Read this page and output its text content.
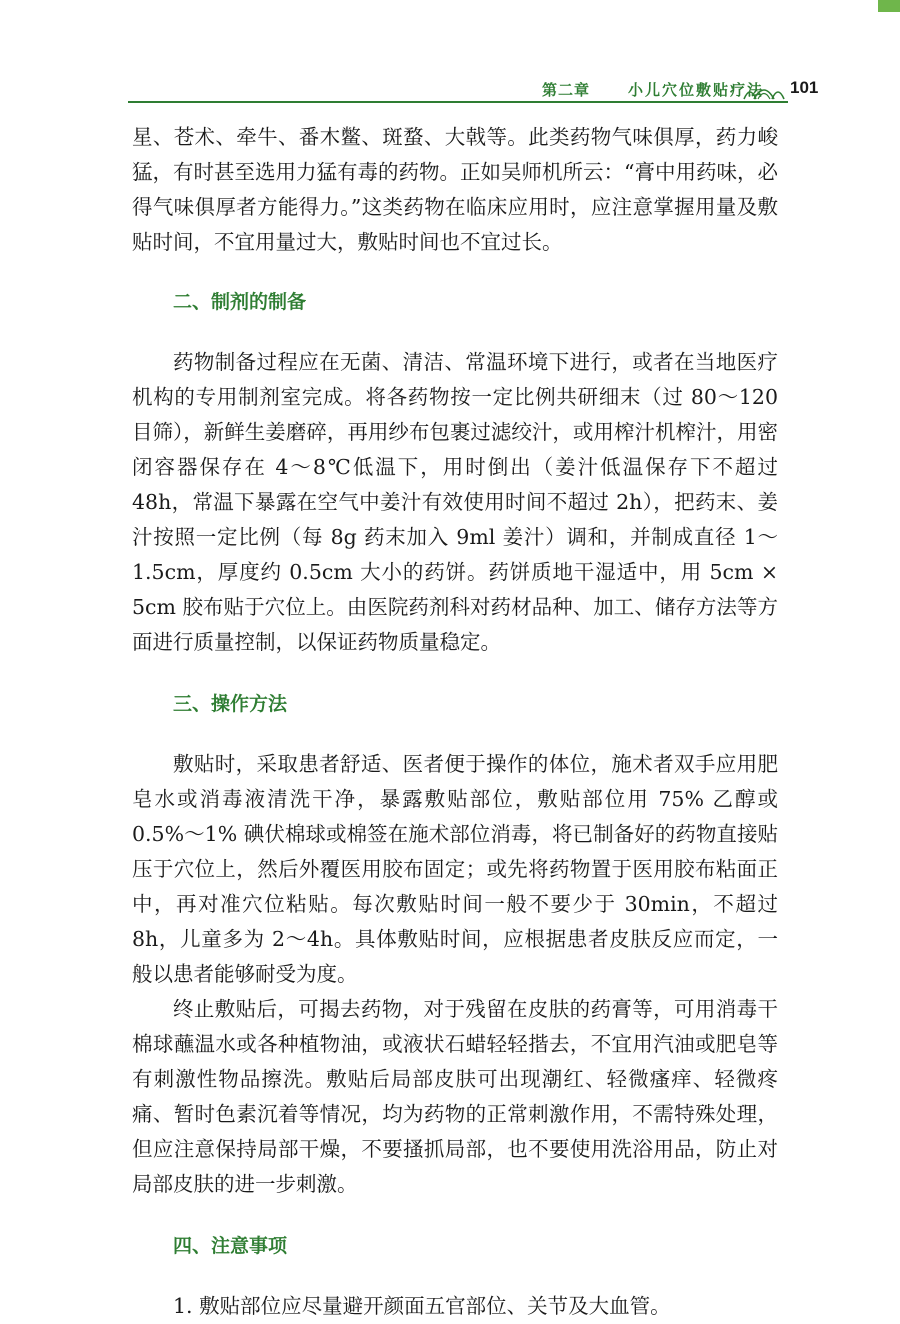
第二章	小儿穴位敷贴疗法 101

星、苍术、牵牛、番木鳖、斑蝥、大戟等。此类药物气味俱厚，药力峻猛，有时甚至选用力猛有毒的药物。正如吴师机所云：“膏中用药味，必得气味俱厚者方能得力。”这类药物在临床应用时，应注意掌握用量及敷贴时间，不宜用量过大，敷贴时间也不宜过长。

二、制剂的制备

药物制备过程应在无菌、清洁、常温环境下进行，或者在当地医疗机构的专用制剂室完成。将各药物按一定比例共研细末（过 80～120 目筛），新鲜生姜磨碎，再用纱布包裹过滤绞汁，或用榨汁机榨汁，用密闭容器保存在 4～8℃低温下，用时倒出（姜汁低温保存下不超过 48h，常温下暴露在空气中姜汁有效使用时间不超过 2h），把药末、姜汁按照一定比例（每 8g 药末加入 9ml 姜汁）调和，并制成直径 1～1.5cm，厚度约 0.5cm 大小的药饼。药饼质地干湿适中，用 5cm × 5cm 胶布贴于穴位上。由医院药剂科对药材品种、加工、储存方法等方面进行质量控制，以保证药物质量稳定。

三、操作方法

敷贴时，采取患者舒适、医者便于操作的体位，施术者双手应用肥皂水或消毒液清洗干净，暴露敷贴部位，敷贴部位用 75% 乙醇或 0.5%～1% 碘伏棉球或棉签在施术部位消毒，将已制备好的药物直接贴压于穴位上，然后外覆医用胶布固定；或先将药物置于医用胶布粘面正中，再对准穴位粘贴。每次敷贴时间一般不要少于 30min，不超过 8h，儿童多为 2～4h。具体敷贴时间，应根据患者皮肤反应而定，一般以患者能够耐受为度。

终止敷贴后，可揭去药物，对于残留在皮肤的药膏等，可用消毒干棉球蘸温水或各种植物油，或液状石蜡轻轻揩去，不宜用汽油或肥皂等有刺激性物品擦洗。敷贴后局部皮肤可出现潮红、轻微瘙痒、轻微疼痛、暂时色素沉着等情况，均为药物的正常刺激作用，不需特殊处理，但应注意保持局部干燥，不要搔抓局部，也不要使用洗浴用品，防止对局部皮肤的进一步刺激。

四、注意事项

1. 敷贴部位应尽量避开颜面五官部位、关节及大血管。
